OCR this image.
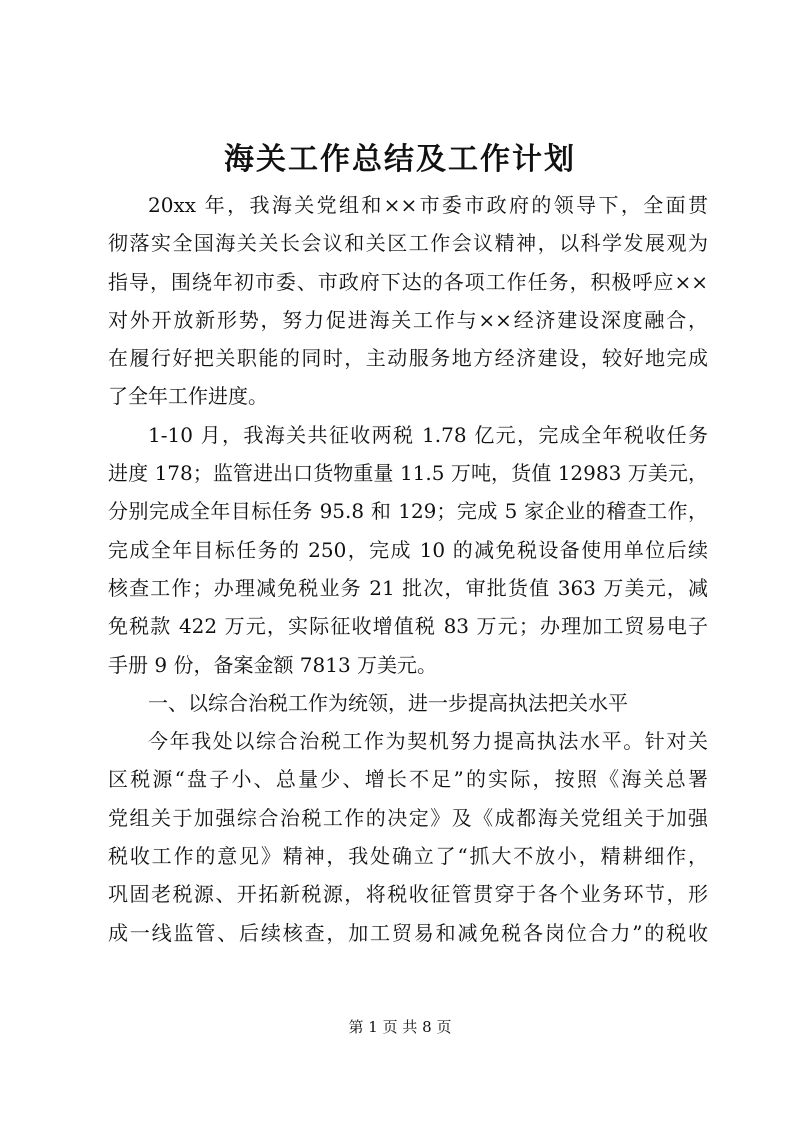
海关工作总结及工作计划
20xx 年，我海关党组和××市委市政府的领导下，全面贯
彻落实全国海关关长会议和关区工作会议精神，以科学发展观为
指导，围绕年初市委、市政府下达的各项工作任务，积极呼应××
对外开放新形势，努力促进海关工作与××经济建设深度融合，
在履行好把关职能的同时，主动服务地方经济建设，较好地完成
了全年工作进度。
1-10 月，我海关共征收两税 1.78 亿元，完成全年税收任务
进度 178；监管进出口货物重量 11.5 万吨，货值 12983 万美元，
分别完成全年目标任务 95.8 和 129；完成 5 家企业的稽查工作，
完成全年目标任务的 250，完成 10 的减免税设备使用单位后续
核查工作；办理减免税业务 21 批次，审批货值 363 万美元，减
免税款 422 万元，实际征收增值税 83 万元；办理加工贸易电子
手册 9 份，备案金额 7813 万美元。
一、以综合治税工作为统领，进一步提高执法把关水平
今年我处以综合治税工作为契机努力提高执法水平。针对关
区税源“盘子小、总量少、增长不足”的实际，按照《海关总署
党组关于加强综合治税工作的决定》及《成都海关党组关于加强
税收工作的意见》精神，我处确立了“抓大不放小，精耕细作，
巩固老税源、开拓新税源，将税收征管贯穿于各个业务环节，形
成一线监管、后续核查，加工贸易和减免税各岗位合力”的税收
第 1 页 共 8 页
